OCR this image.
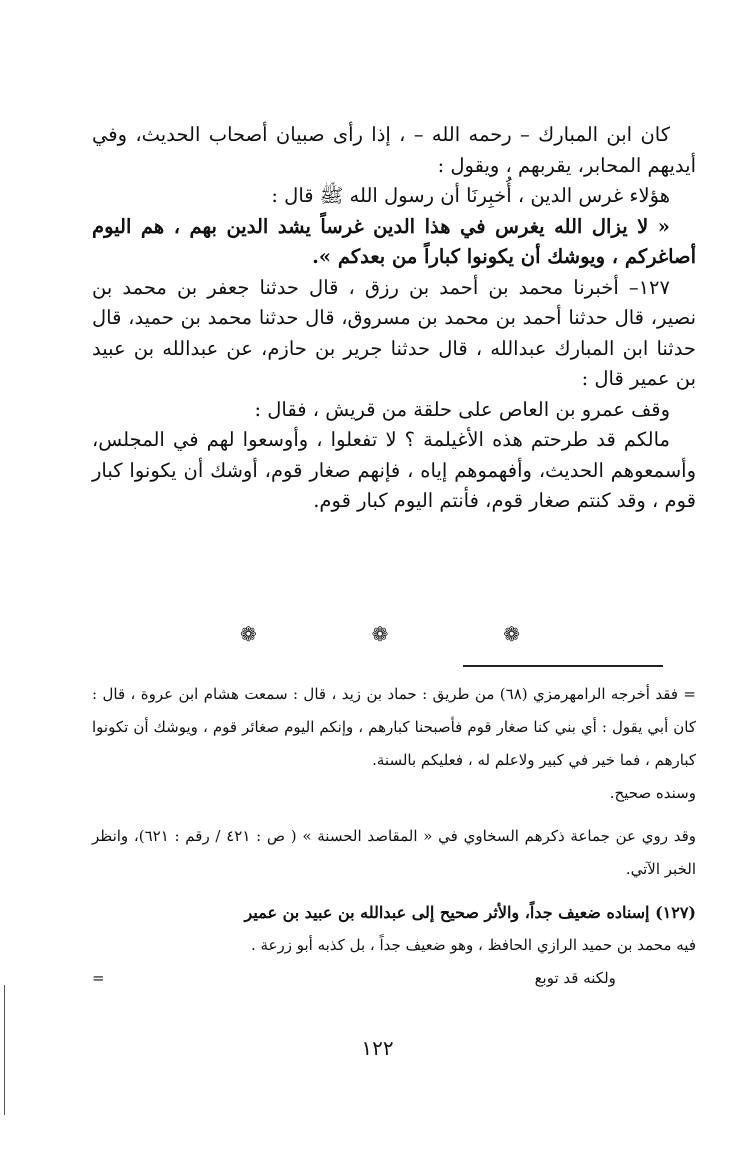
كان ابن المبارك – رحمه الله – ، إذا رأى صبيان أصحاب الحديث، وفي أيديهم المحابر، يقربهم ، ويقول :

هؤلاء غرس الدين ، أُخبِرنَا أن رسول الله ﷺ قال :

« لا يزال الله يغرس في هذا الدين غرساً يشد الدين بهم ، هم اليوم أصاغركم ، ويوشك أن يكونوا كباراً من بعدكم ».

١٢٧– أخبرنا محمد بن أحمد بن رزق ، قال حدثنا جعفر بن محمد بن نصير، قال حدثنا أحمد بن محمد بن مسروق، قال حدثنا محمد بن حميد، قال حدثنا ابن المبارك عبدالله ، قال حدثنا جرير بن حازم، عن عبدالله بن عبيد بن عمير قال :

وقف عمرو بن العاص على حلقة من قريش ، فقال :

مالكم قد طرحتم هذه الأغيلمة ؟ لا تفعلوا ، وأوسعوا لهم في المجلس، وأسمعوهم الحديث، وأفهموهم إياه ، فإنهم صغار قوم، أوشك أن يكونوا كبار قوم ، وقد كنتم صغار قوم، فأنتم اليوم كبار قوم.

❁	❁	❁

= فقد أخرجه الرامهرمزي (٦٨) من طريق : حماد بن زيد ، قال : سمعت هشام ابن عروة ، قال : كان أبي يقول : أي بني كنا صغار قوم فأصبحنا كبارهم ، وإنكم اليوم صغائر قوم ، ويوشك أن تكونوا كبارهم ، فما خير في كبير ولاعلم له ، فعليكم بالسنة.

وسنده صحيح.

وقد روي عن جماعة ذكرهم السخاوي في « المقاصد الحسنة » ( ص : ٤٢١ / رقم : ٦٢١)، وانظر الخبر الآتي.

(١٢٧) إسناده ضعيف جداً، والأثر صحيح إلى عبدالله بن عبيد بن عمير

فيه محمد بن حميد الرازي الحافظ ، وهو ضعيف جداً ، بل كذبه أبو زرعة .

ولكنه قد توبع=

١٢٢
